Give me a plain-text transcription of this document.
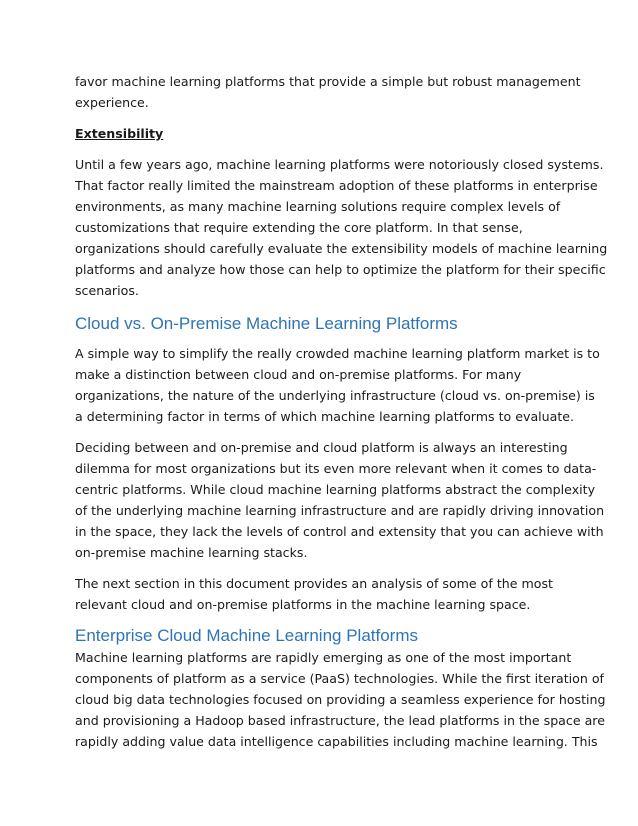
favor machine learning platforms that provide a simple but robust management
experience.

Extensibility

Until a few years ago, machine learning platforms were notoriously closed systems.
That factor really limited the mainstream adoption of these platforms in enterprise
environments, as many machine learning solutions require complex levels of
customizations that require extending the core platform. In that sense,
organizations should carefully evaluate the extensibility models of machine learning
platforms and analyze how those can help to optimize the platform for their specific
scenarios.

Cloud vs. On-Premise Machine Learning Platforms

A simple way to simplify the really crowded machine learning platform market is to
make a distinction between cloud and on-premise platforms. For many
organizations, the nature of the underlying infrastructure (cloud vs. on-premise) is
a determining factor in terms of which machine learning platforms to evaluate.

Deciding between and on-premise and cloud platform is always an interesting
dilemma for most organizations but its even more relevant when it comes to data-
centric platforms. While cloud machine learning platforms abstract the complexity
of the underlying machine learning infrastructure and are rapidly driving innovation
in the space, they lack the levels of control and extensity that you can achieve with
on-premise machine learning stacks.

The next section in this document provides an analysis of some of the most
relevant cloud and on-premise platforms in the machine learning space.

Enterprise Cloud Machine Learning Platforms

Machine learning platforms are rapidly emerging as one of the most important
components of platform as a service (PaaS) technologies. While the first iteration of
cloud big data technologies focused on providing a seamless experience for hosting
and provisioning a Hadoop based infrastructure, the lead platforms in the space are
rapidly adding value data intelligence capabilities including machine learning. This
